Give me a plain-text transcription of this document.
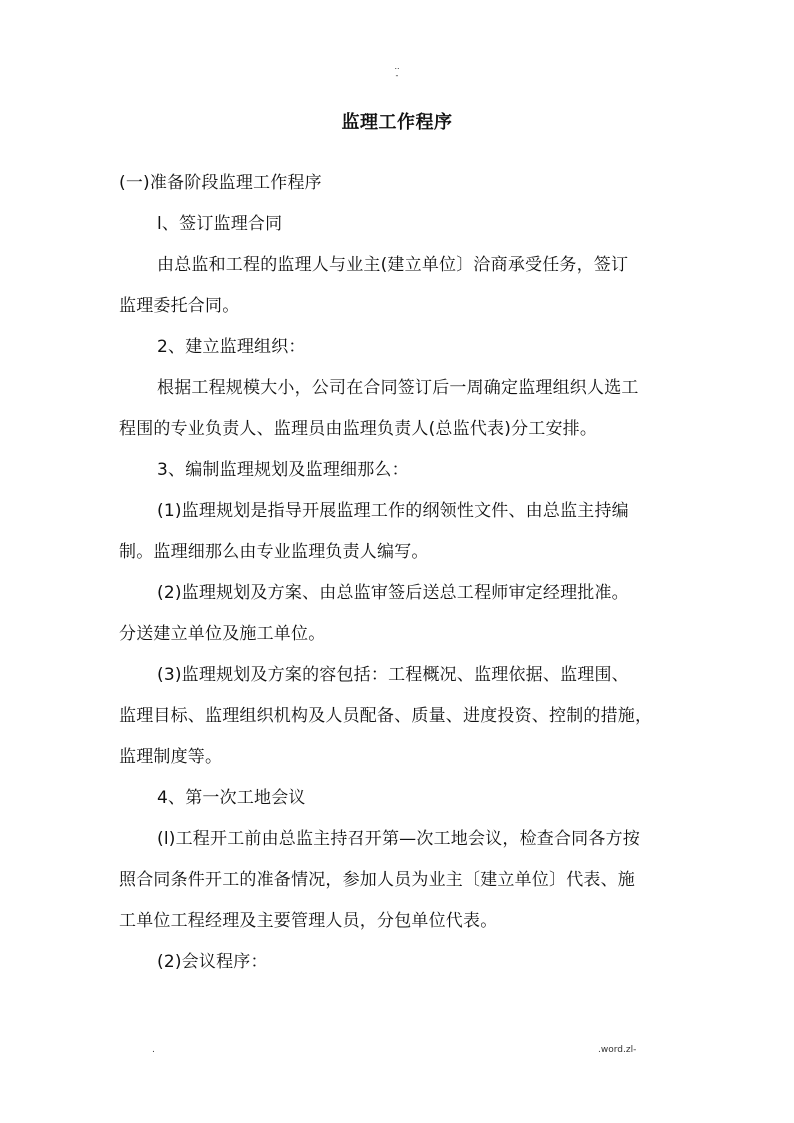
..
-
监理工作程序
(一)准备阶段监理工作程序
l、签订监理合同
由总监和工程的监理人与业主(建立单位〕洽商承受任务，签订
监理委托合同。
2、建立监理组织：
根据工程规模大小，公司在合同签订后一周确定监理组织人选工
程围的专业负责人、监理员由监理负责人(总监代表)分工安排。
3、编制监理规划及监理细那么：
(1)监理规划是指导开展监理工作的纲领性文件、由总监主持编
制。监理细那么由专业监理负责人编写。
(2)监理规划及方案、由总监审签后送总工程师审定经理批准。
分送建立单位及施工单位。
(3)监理规划及方案的容包括：工程概况、监理依据、监理围、
监理目标、监理组织机构及人员配备、质量、进度投资、控制的措施，
监理制度等。
4、第一次工地会议
(l)工程开工前由总监主持召开第—次工地会议，检查合同各方按
照合同条件开工的准备情况，参加人员为业主〔建立单位〕代表、施
工单位工程经理及主要管理人员，分包单位代表。
(2)会议程序：
.	.word.zl-
